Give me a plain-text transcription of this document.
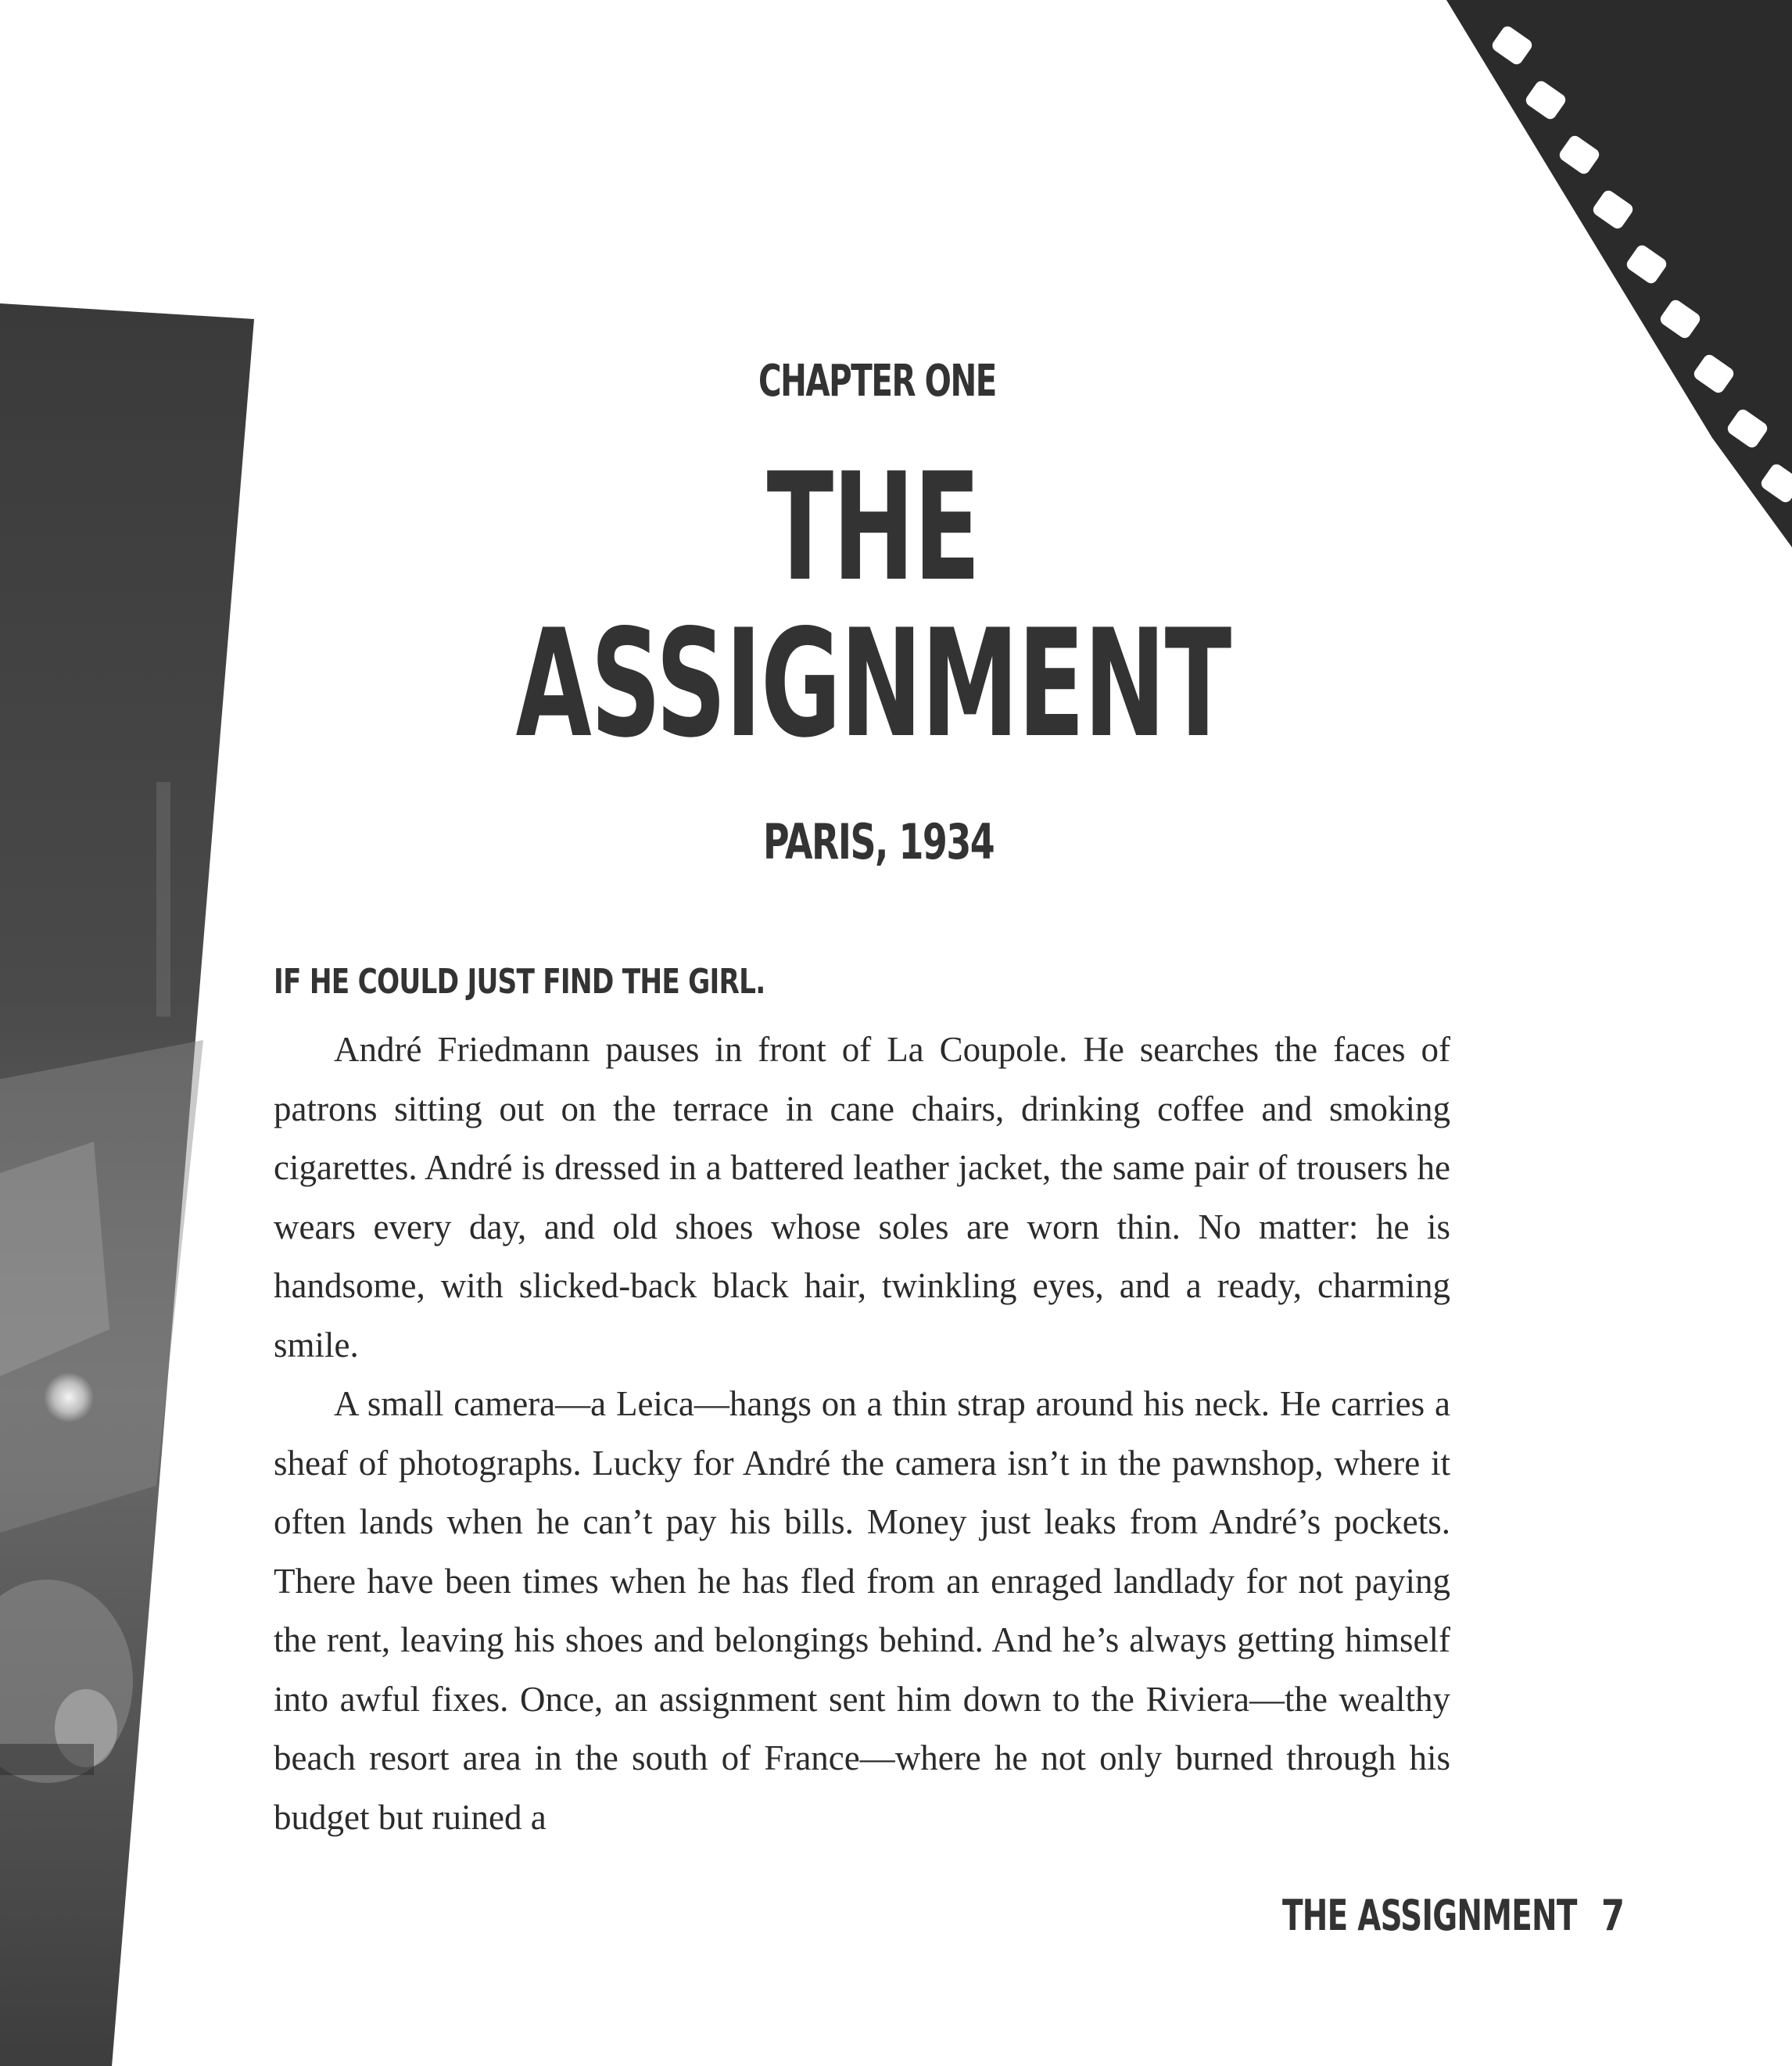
CHAPTER ONE
THE
ASSIGNMENT
PARIS, 1934
IF HE COULD JUST FIND THE GIRL.

André Friedmann pauses in front of La Coupole. He searches the faces of patrons sitting out on the terrace in cane chairs, drinking coffee and smoking cigarettes. André is dressed in a battered leather jacket, the same pair of trousers he wears every day, and old shoes whose soles are worn thin. No matter: he is handsome, with slicked-back black hair, twinkling eyes, and a ready, charming smile.

A small camera—a Leica—hangs on a thin strap around his neck. He carries a sheaf of photographs. Lucky for André the camera isn’t in the pawnshop, where it often lands when he can’t pay his bills. Money just leaks from André’s pockets. There have been times when he has fled from an enraged landlady for not paying the rent, leaving his shoes and belongings behind. And he’s always getting himself into awful fixes. Once, an assignment sent him down to the Riviera—the wealthy beach resort area in the south of France—where he not only burned through his budget but ruined a

THE ASSIGNMENT 7
